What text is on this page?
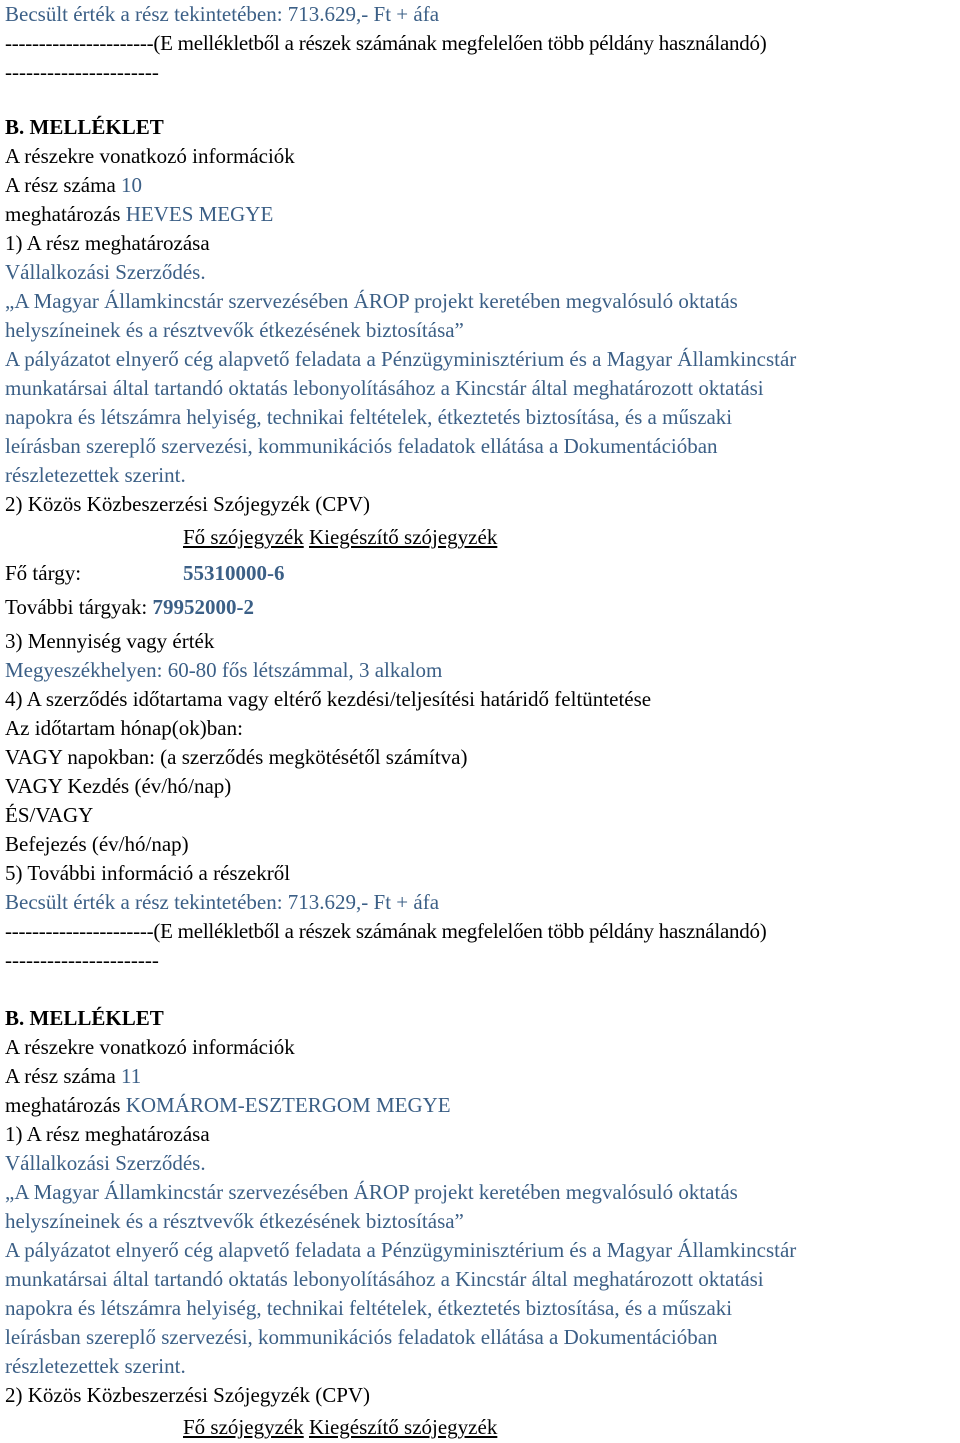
Becsült érték a rész tekintetében: 713.629,- Ft + áfa
----------------------(E mellékletből a részek számának megfelelően több példány használandó)
----------------------
B. MELLÉKLET
A részekre vonatkozó információk
A rész száma 10
meghatározás HEVES MEGYE
1) A rész meghatározása
Vállalkozási Szerződés.
„A Magyar Államkincstár szervezésében ÁROP projekt keretében megvalósuló oktatás
helyszíneinek és a résztvevők étkezésének biztosítása”
A pályázatot elnyerő cég alapvető feladata a Pénzügyminisztérium és a Magyar Államkincstár
munkatársai által tartandó oktatás lebonyolításához a Kincstár által meghatározott oktatási
napokra és létszámra helyiség, technikai feltételek, étkeztetés biztosítása, és a műszaki
leírásban szereplő szervezési, kommunikációs feladatok ellátása a Dokumentációban
részletezettek szerint.
2) Közös Közbeszerzési Szójegyzék (CPV)
Fő szójegyzék Kiegészítő szójegyzék
Fő tárgy:	55310000-6
További tárgyak: 79952000-2
3) Mennyiség vagy érték
Megyeszékhelyen: 60-80 fős létszámmal, 3 alkalom
4) A szerződés időtartama vagy eltérő kezdési/teljesítési határidő feltüntetése
Az időtartam hónap(ok)ban:
VAGY napokban: (a szerződés megkötésétől számítva)
VAGY Kezdés (év/hó/nap)
ÉS/VAGY
Befejezés (év/hó/nap)
5) További információ a részekről
Becsült érték a rész tekintetében: 713.629,- Ft + áfa
----------------------(E mellékletből a részek számának megfelelően több példány használandó)
----------------------
B. MELLÉKLET
A részekre vonatkozó információk
A rész száma 11
meghatározás KOMÁROM-ESZTERGOM MEGYE
1) A rész meghatározása
Vállalkozási Szerződés.
„A Magyar Államkincstár szervezésében ÁROP projekt keretében megvalósuló oktatás
helyszíneinek és a résztvevők étkezésének biztosítása”
A pályázatot elnyerő cég alapvető feladata a Pénzügyminisztérium és a Magyar Államkincstár
munkatársai által tartandó oktatás lebonyolításához a Kincstár által meghatározott oktatási
napokra és létszámra helyiség, technikai feltételek, étkeztetés biztosítása, és a műszaki
leírásban szereplő szervezési, kommunikációs feladatok ellátása a Dokumentációban
részletezettek szerint.
2) Közös Közbeszerzési Szójegyzék (CPV)
Fő szójegyzék Kiegészítő szójegyzék
